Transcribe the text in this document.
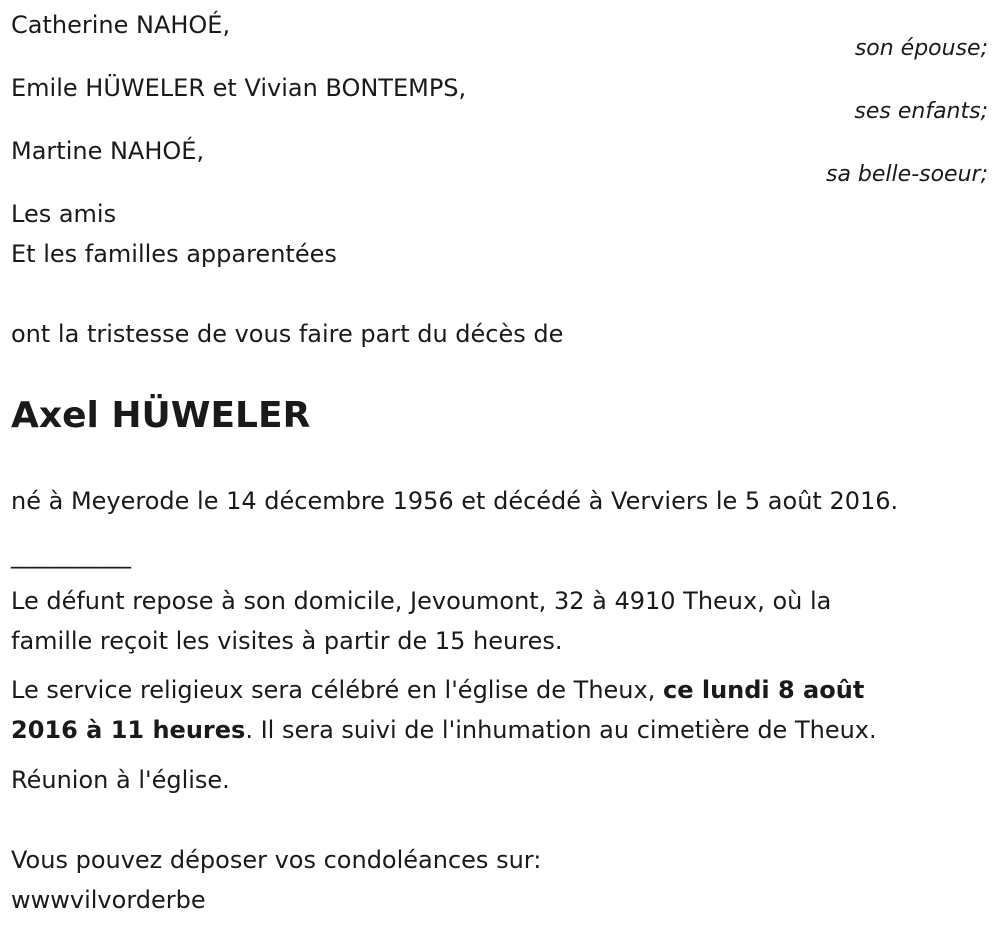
Catherine NAHOÉ,
son épouse;
Emile HÜWELER et Vivian BONTEMPS,
ses enfants;
Martine NAHOÉ,
sa belle-soeur;
Les amis
Et les familles apparentées
ont la tristesse de vous faire part du décès de
Axel HÜWELER
né à Meyerode le 14 décembre 1956 et décédé à Verviers le 5 août 2016.
__________
Le défunt repose à son domicile, Jevoumont, 32 à 4910 Theux, où la
famille reçoit les visites à partir de 15 heures.
Le service religieux sera célébré en l'église de Theux, ce lundi 8 août
2016 à 11 heures. Il sera suivi de l'inhumation au cimetière de Theux.
Réunion à l'église.
Vous pouvez déposer vos condoléances sur:
wwwvilvorderbe
